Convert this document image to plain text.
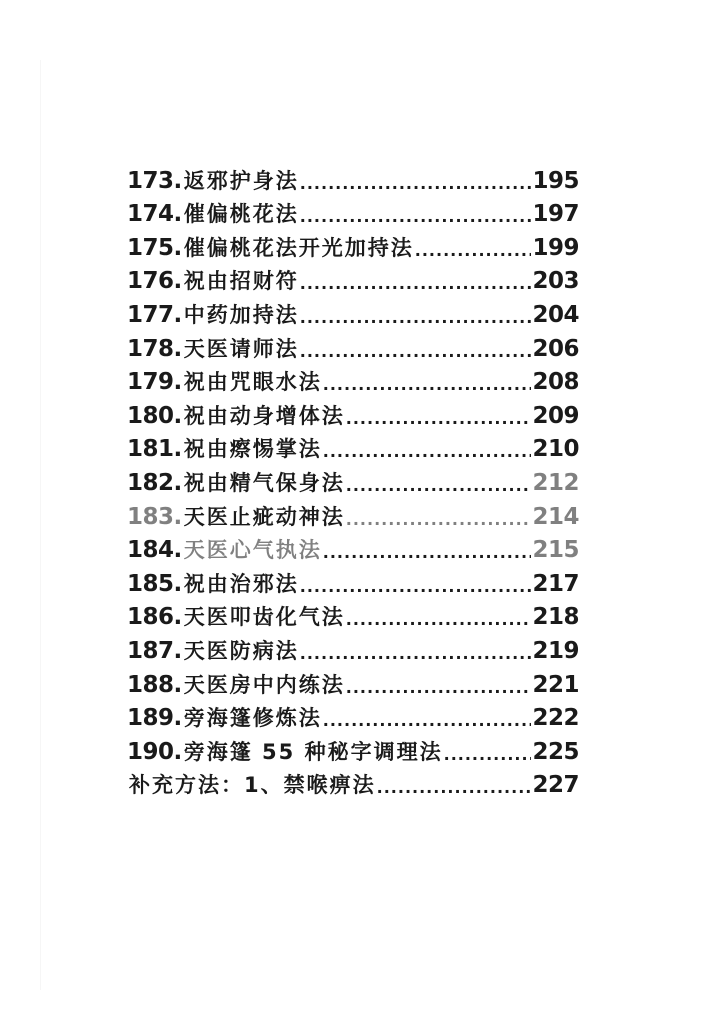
173. 返邪护身法 .....	195
174. 催偏桃花法 .....	197
175. 催偏桃花法开光加持法 .....	199
176. 祝由招财符 .....	203
177. 中药加持法 .....	204
178. 天医请师法 .....	206
179. 祝由咒眼水法 .....	208
180. 祝由动身增体法 .....	209
181. 祝由瘵惕掌法 .....	210
182. 祝由精气保身法 .....	212
183. 天医止疵动神法 .....	214
184. 天医心气执法 .....	215
185. 祝由治邪法 .....	217
186. 天医叩齿化气法 .....	218
187. 天医防病法 .....	219
188. 天医房中内练法 .....	221
189. 旁海篷修炼法 .....	222
190. 旁海篷 55 种秘字调理法 .....	225
补充方法：1、禁喉痹法 .....	227
